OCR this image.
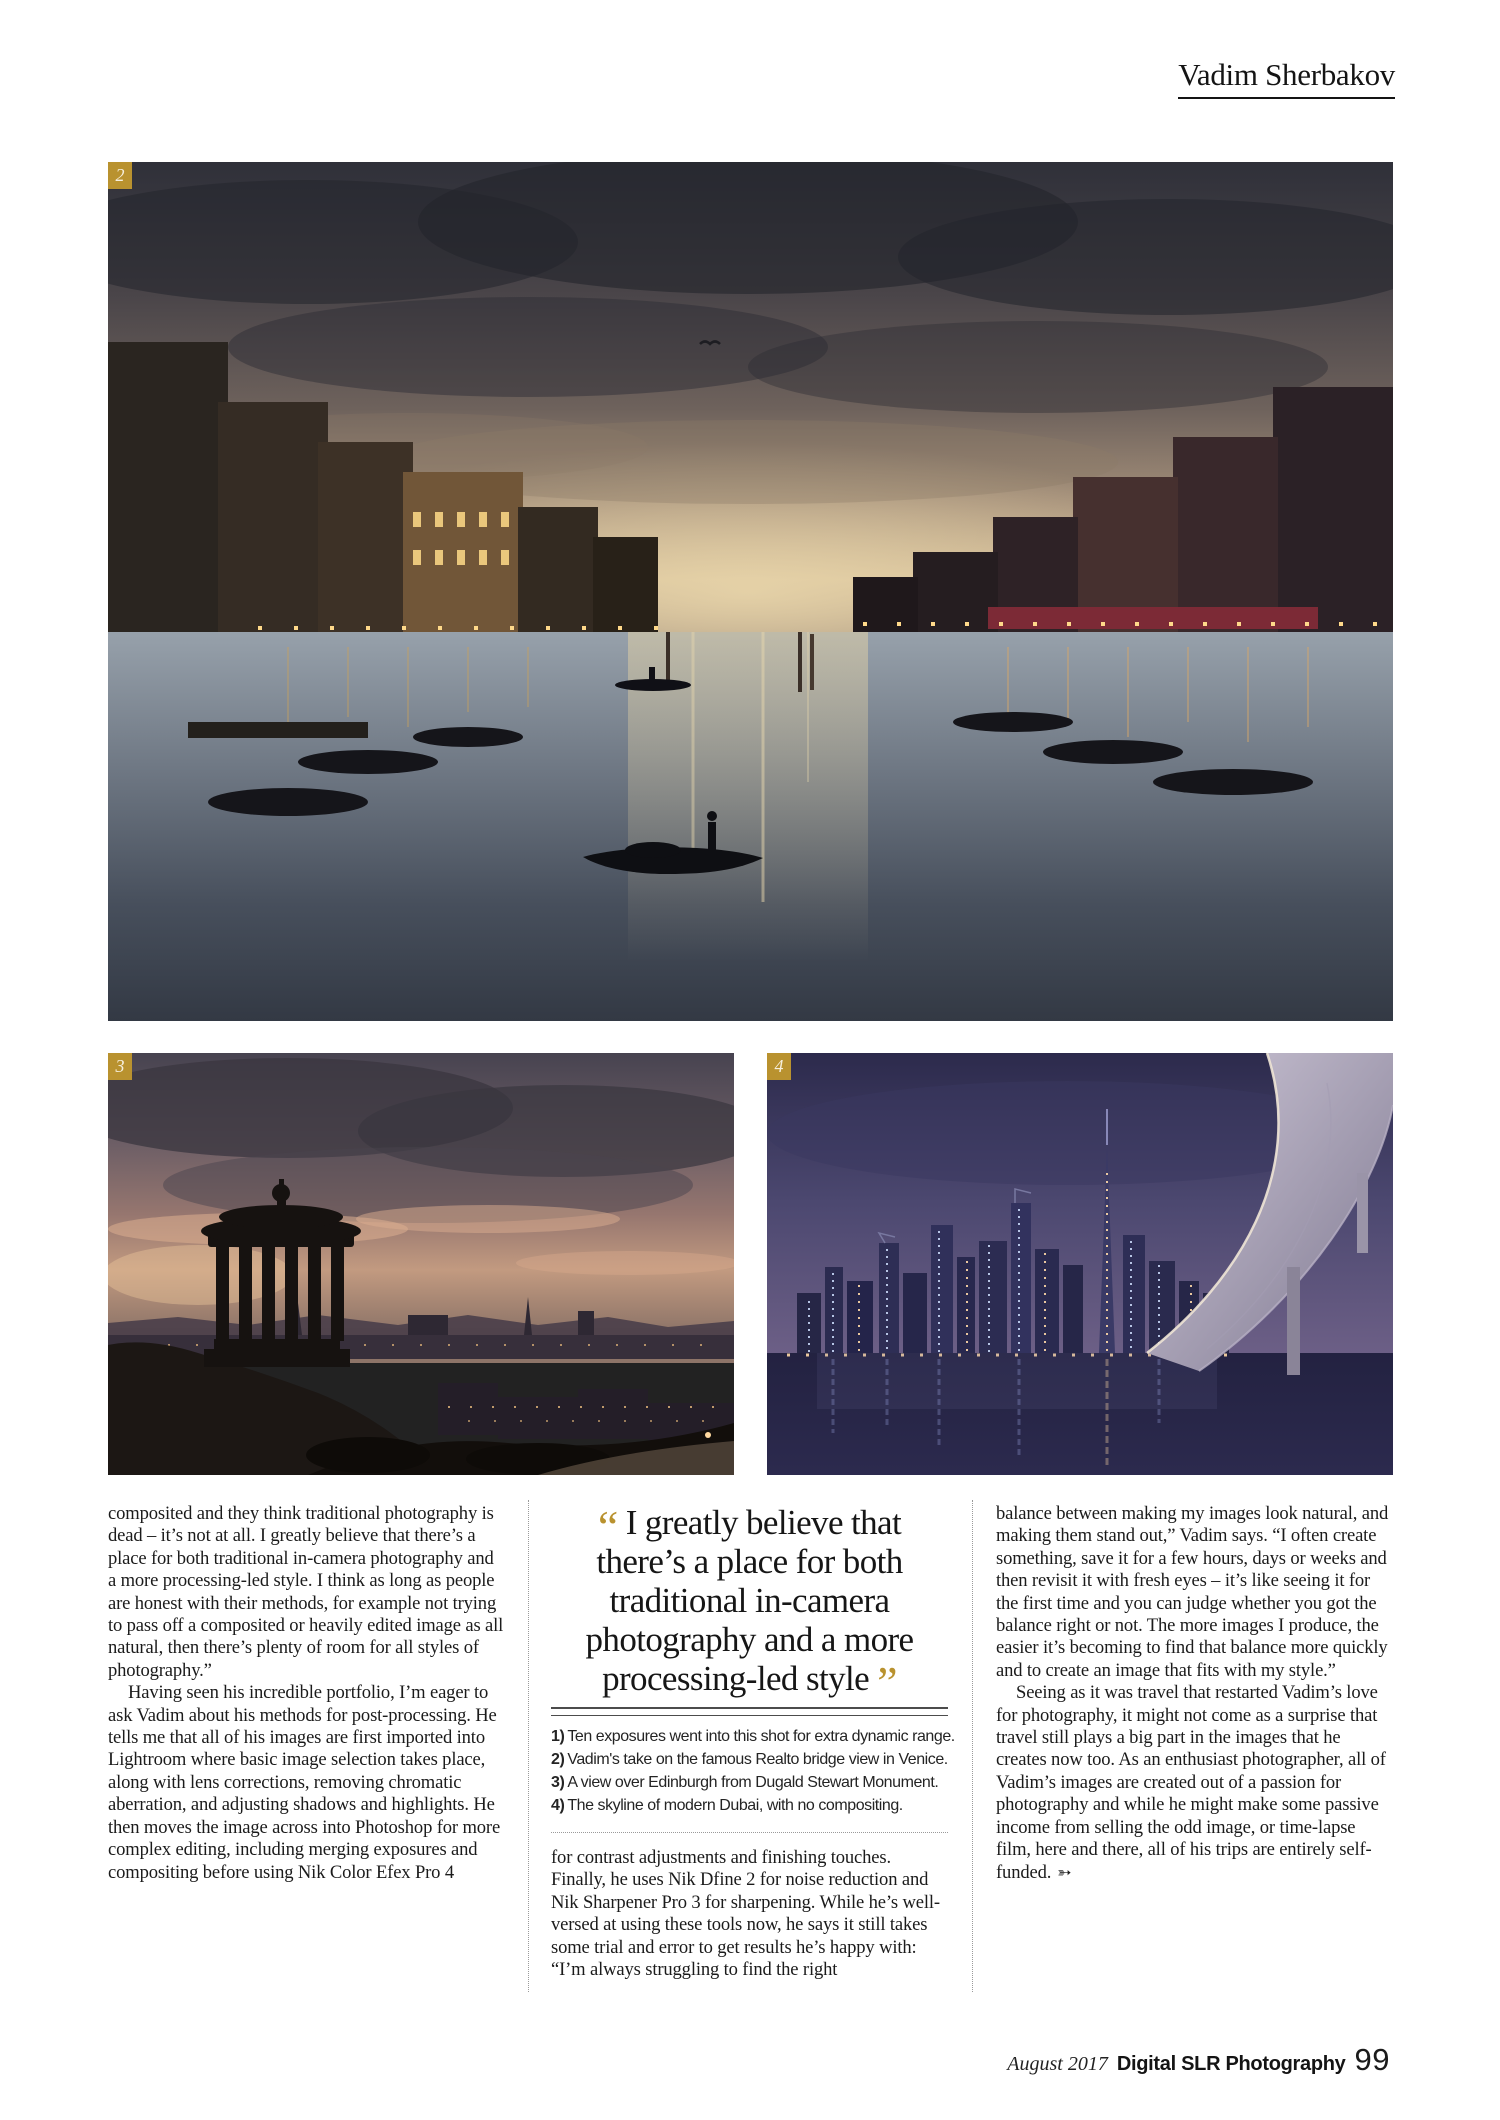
Vadim Sherbakov
2
3	4

composited and they think traditional photography is dead – it’s not at all. I greatly believe that there’s a place for both traditional in-camera photography and a more processing-led style. I think as long as people are honest with their methods, for example not trying to pass off a composited or heavily edited image as all natural, then there’s plenty of room for all styles of photography.”

Having seen his incredible portfolio, I’m eager to ask Vadim about his methods for post-processing. He tells me that all of his images are first imported into Lightroom where basic image selection takes place, along with lens corrections, removing chromatic aberration, and adjusting shadows and highlights. He then moves the image across into Photoshop for more complex editing, including merging exposures and compositing before using Nik Color Efex Pro 4

“ I greatly believe that
there’s a place for both
traditional in-camera
photography and a more
processing-led style ”
1) Ten exposures went into this shot for extra dynamic range.
2) Vadim's take on the famous Realto bridge view in Venice.
3) A view over Edinburgh from Dugald Stewart Monument.
4) The skyline of modern Dubai, with no compositing.

for contrast adjustments and finishing touches. Finally, he uses Nik Dfine 2 for noise reduction and Nik Sharpener Pro 3 for sharpening. While he’s well-versed at using these tools now, he says it still takes some trial and error to get results he’s happy with: “I’m always struggling to find the right

balance between making my images look natural, and making them stand out,” Vadim says. “I often create something, save it for a few hours, days or weeks and then revisit it with fresh eyes – it’s like seeing it for the first time and you can judge whether you got the balance right or not. The more images I produce, the easier it’s becoming to find that balance more quickly and to create an image that fits with my style.”

Seeing as it was travel that restarted Vadim’s love for photography, it might not come as a surprise that travel still plays a big part in the images that he creates now too. As an enthusiast photographer, all of Vadim’s images are created out of a passion for photography and while he might make some passive income from selling the odd image, or time-lapse film, here and there, all of his trips are entirely self-funded. ➳

August 2017 Digital SLR Photography 99
